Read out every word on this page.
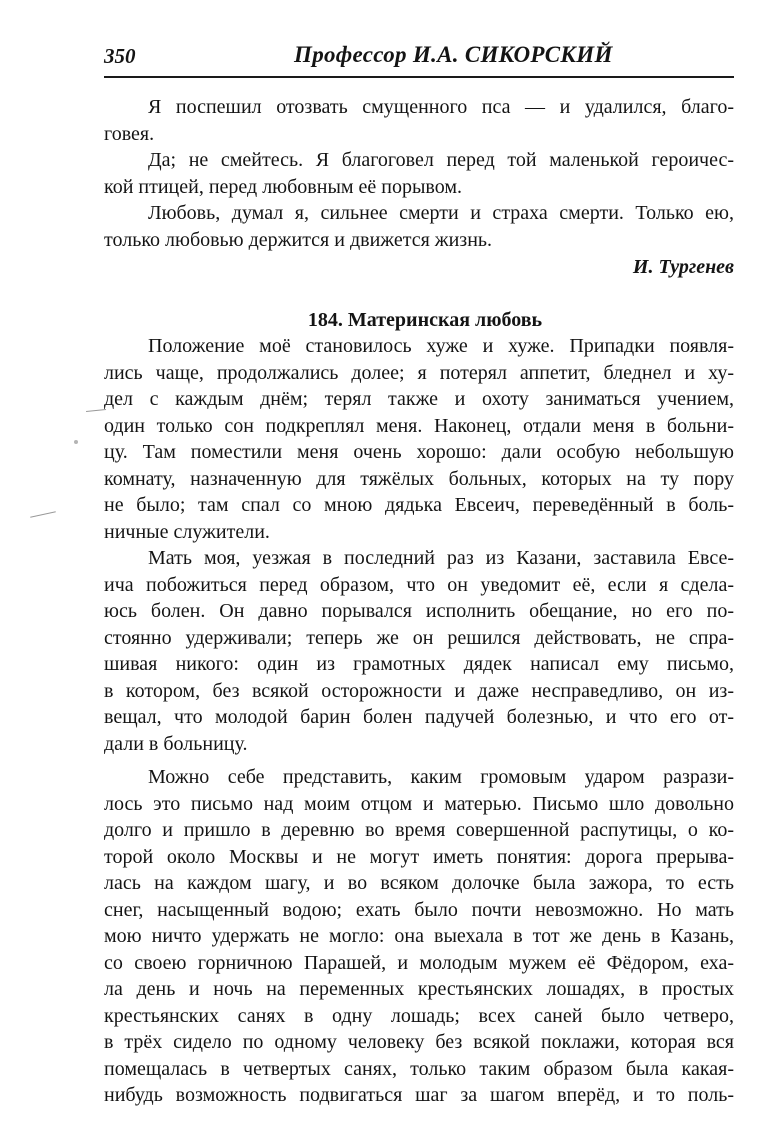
350	Профессор И.А. СИКОРСКИЙ
Я поспешил отозвать смущенного пса — и удалился, благо-
говея.
Да; не смейтесь. Я благоговел перед той маленькой героичес-
кой птицей, перед любовным её порывом.
Любовь, думал я, сильнее смерти и страха смерти. Только ею,
только любовью держится и движется жизнь.
И. Тургенев
184. Материнская любовь
Положение моё становилось хуже и хуже. Припадки появля-
лись чаще, продолжались долее; я потерял аппетит, бледнел и ху-
дел с каждым днём; терял также и охоту заниматься учением,
один только сон подкреплял меня. Наконец, отдали меня в больни-
цу. Там поместили меня очень хорошо: дали особую небольшую
комнату, назначенную для тяжёлых больных, которых на ту пору
не было; там спал со мною дядька Евсеич, переведённый в боль-
ничные служители.
Мать моя, уезжая в последний раз из Казани, заставила Евсе-
ича побожиться перед образом, что он уведомит её, если я сдела-
юсь болен. Он давно порывался исполнить обещание, но его по-
стоянно удерживали; теперь же он решился действовать, не спра-
шивая никого: один из грамотных дядек написал ему письмо,
в котором, без всякой осторожности и даже несправедливо, он из-
вещал, что молодой барин болен падучей болезнью, и что его от-
дали в больницу.
Можно себе представить, каким громовым ударом разрази-
лось это письмо над моим отцом и матерью. Письмо шло довольно
долго и пришло в деревню во время совершенной распутицы, о ко-
торой около Москвы и не могут иметь понятия: дорога прерыва-
лась на каждом шагу, и во всяком долочке была зажора, то есть
снег, насыщенный водою; ехать было почти невозможно. Но мать
мою ничто удержать не могло: она выехала в тот же день в Казань,
со своею горничною Парашей, и молодым мужем её Фёдором, еха-
ла день и ночь на переменных крестьянских лошадях, в простых
крестьянских санях в одну лошадь; всех саней было четверо,
в трёх сидело по одному человеку без всякой поклажи, которая вся
помещалась в четвертых санях, только таким образом была какая-
нибудь возможность подвигаться шаг за шагом вперёд, и то поль-
